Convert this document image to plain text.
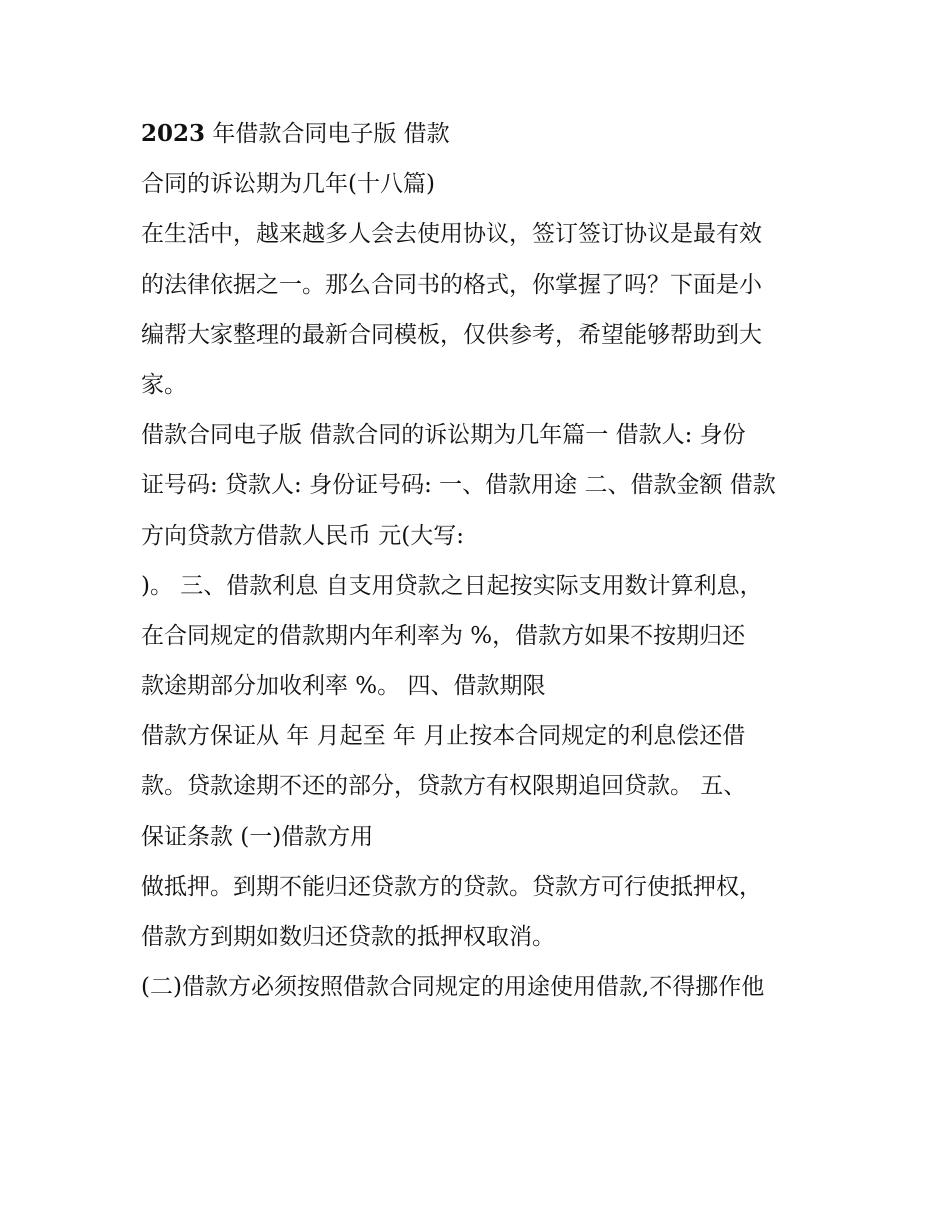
2023 年借款合同电子版 借款
合同的诉讼期为几年(十八篇)
在生活中，越来越多人会去使用协议，签订签订协议是最有效
的法律依据之一。那么合同书的格式，你掌握了吗？下面是小
编帮大家整理的最新合同模板，仅供参考，希望能够帮助到大
家。
借款合同电子版 借款合同的诉讼期为几年篇一 借款人: 身份
证号码: 贷款人: 身份证号码: 一、借款用途 二、借款金额 借款
方向贷款方借款人民币 元(大写:
)。 三、借款利息 自支用贷款之日起按实际支用数计算利息，
在合同规定的借款期内年利率为 %，借款方如果不按期归还
款途期部分加收利率 %。 四、借款期限
借款方保证从 年 月起至 年 月止按本合同规定的利息偿还借
款。贷款途期不还的部分，贷款方有权限期追回贷款。 五、
保证条款 (一)借款方用
做抵押。到期不能归还贷款方的贷款。贷款方可行使抵押权，
借款方到期如数归还贷款的抵押权取消。
(二)借款方必须按照借款合同规定的用途使用借款,不得挪作他
